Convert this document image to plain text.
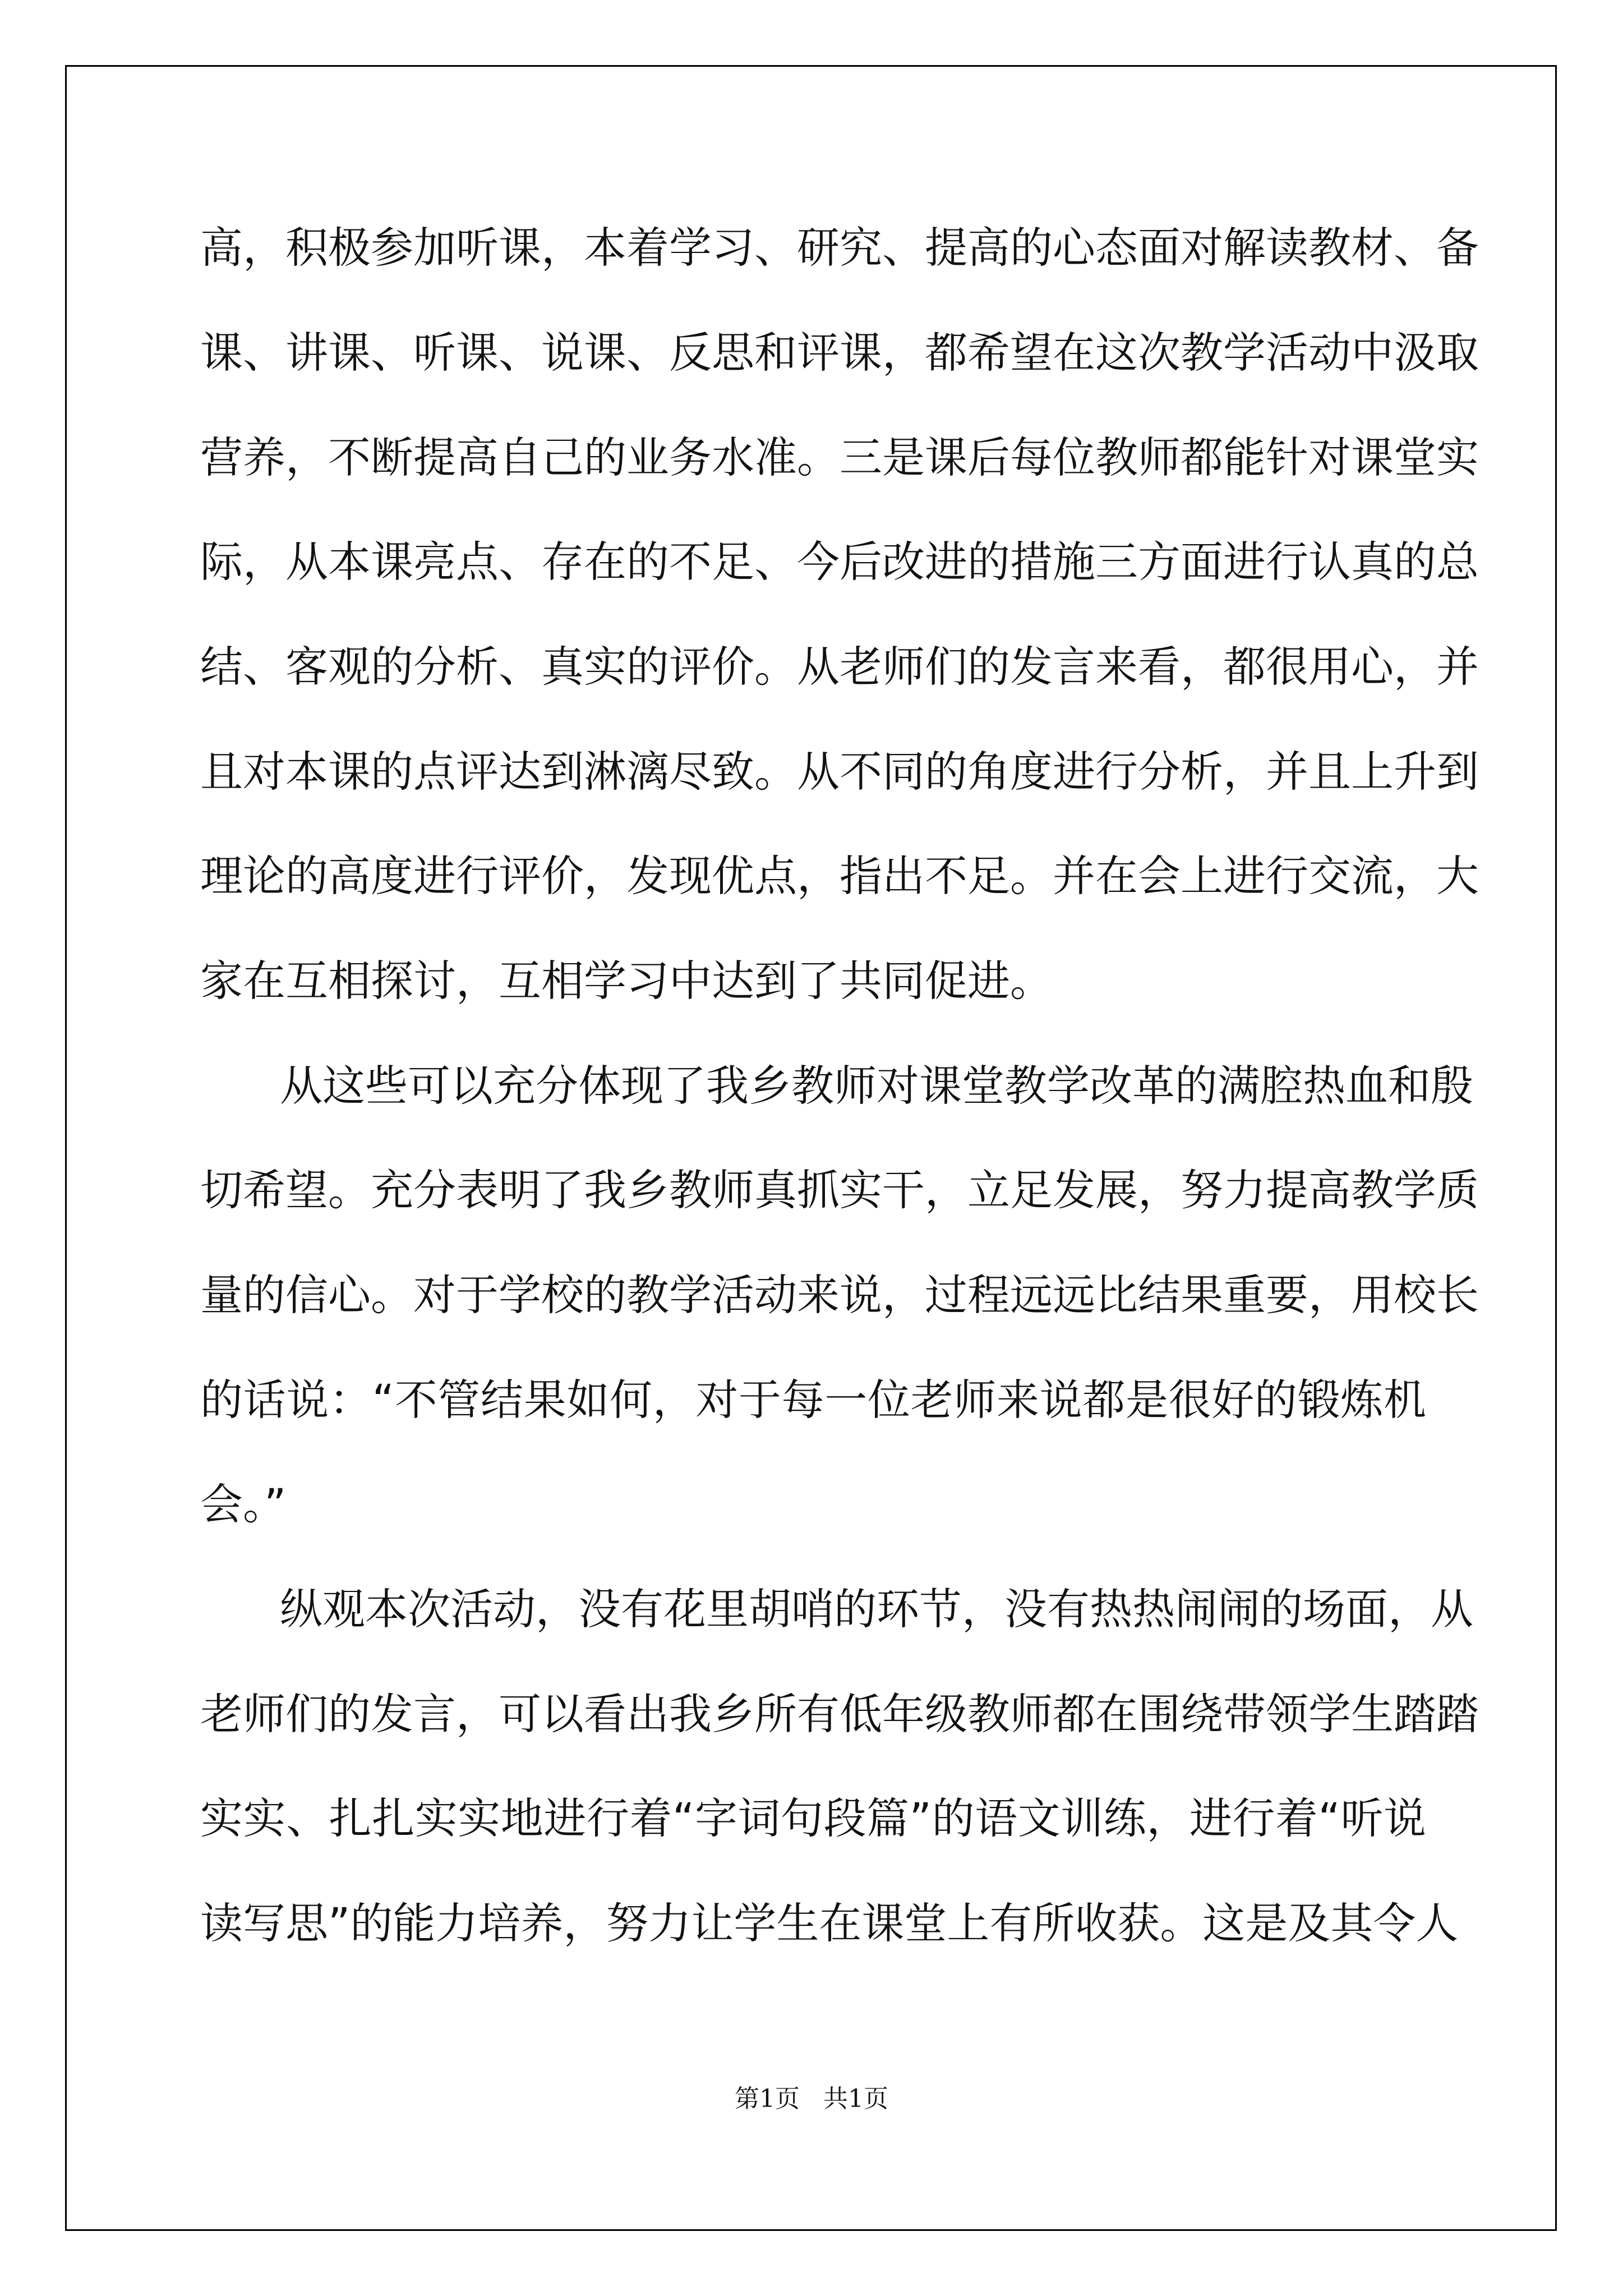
高，积极参加听课，本着学习、研究、提高的心态面对解读教材、备
课、讲课、听课、说课、反思和评课，都希望在这次教学活动中汲取
营养，不断提高自己的业务水准。三是课后每位教师都能针对课堂实
际，从本课亮点、存在的不足、今后改进的措施三方面进行认真的总
结、客观的分析、真实的评价。从老师们的发言来看，都很用心，并
且对本课的点评达到淋漓尽致。从不同的角度进行分析，并且上升到
理论的高度进行评价，发现优点，指出不足。并在会上进行交流，大
家在互相探讨，互相学习中达到了共同促进。
从这些可以充分体现了我乡教师对课堂教学改革的满腔热血和殷
切希望。充分表明了我乡教师真抓实干，立足发展，努力提高教学质
量的信心。对于学校的教学活动来说，过程远远比结果重要，用校长
的话说：“不管结果如何，对于每一位老师来说都是很好的锻炼机
会。”
纵观本次活动，没有花里胡哨的环节，没有热热闹闹的场面，从
老师们的发言，可以看出我乡所有低年级教师都在围绕带领学生踏踏
实实、扎扎实实地进行着“字词句段篇”的语文训练，进行着“听说
读写思”的能力培养，努力让学生在课堂上有所收获。这是及其令人
第1页   共1页
